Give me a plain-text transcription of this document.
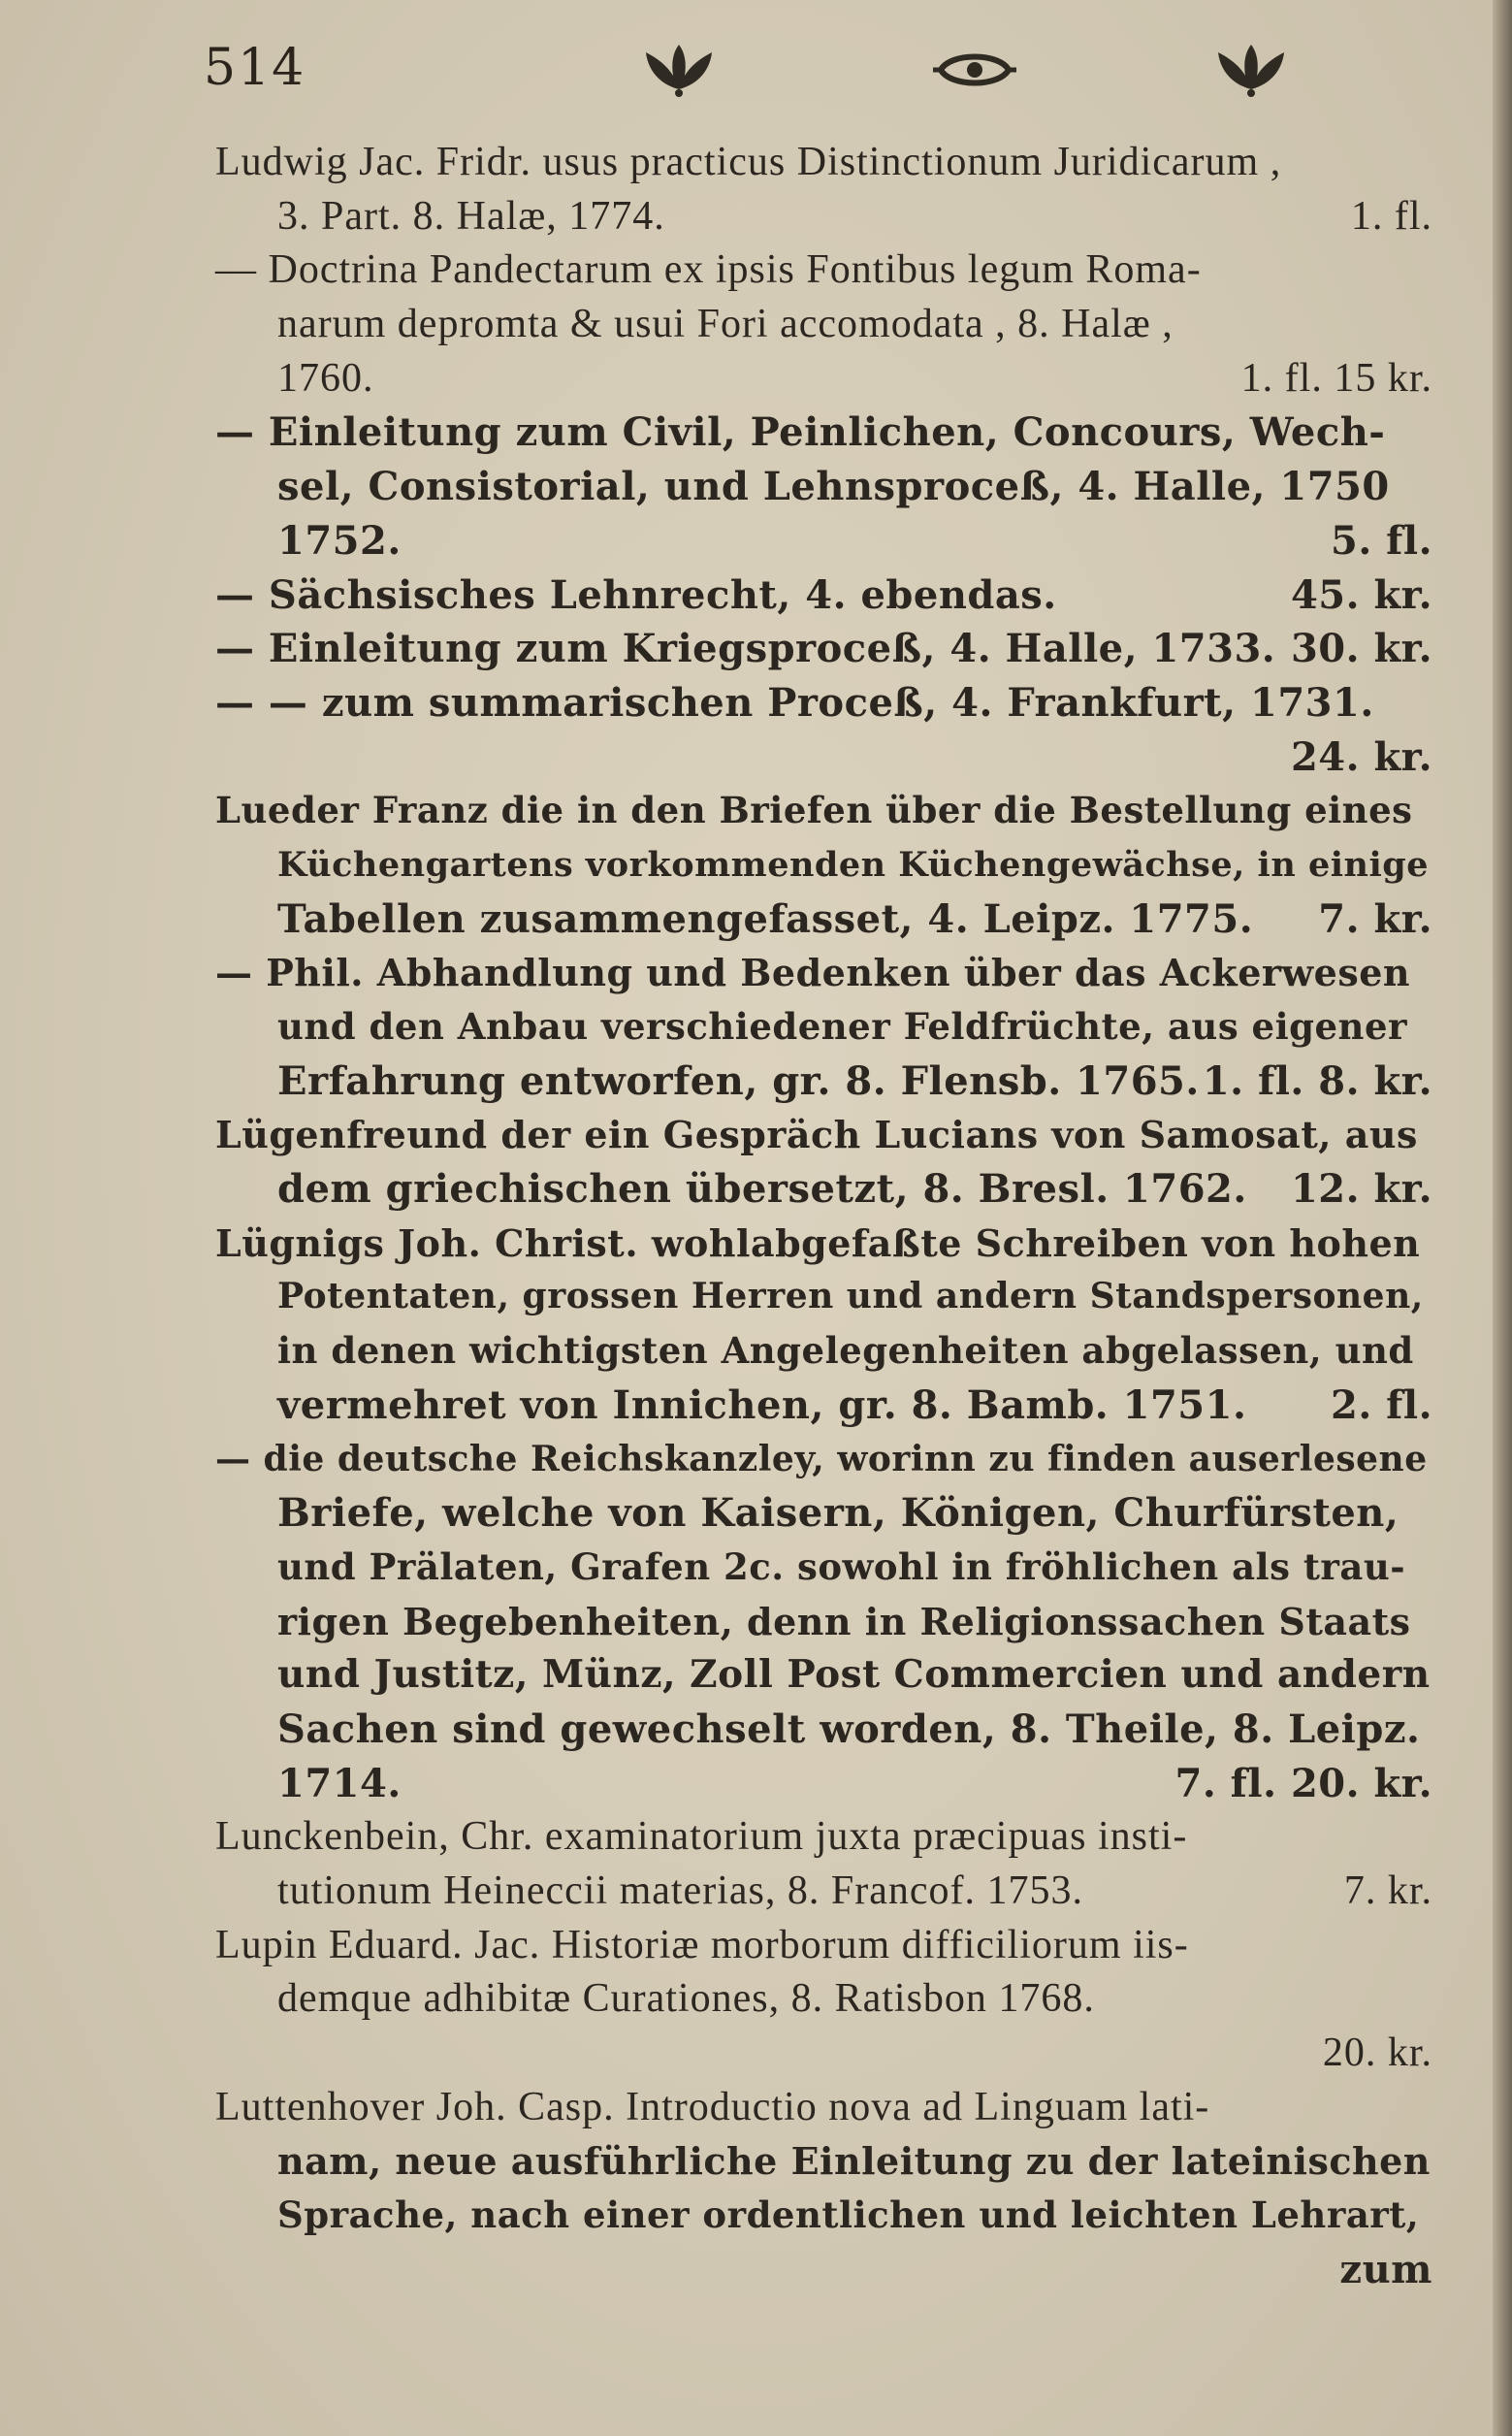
514
Ludwig Jac. Fridr. usus practicus Distinctionum Juridicarum ,
3. Part. 8. Halæ, 1774.	1. fl.
— Doctrina Pandectarum ex ipsis Fontibus legum Roma-
narum depromta & usui Fori accomodata , 8. Halæ ,
1760.	1. fl. 15 kr.
— Einleitung zum Civil, Peinlichen, Concours, Wech-
sel, Consistorial, und Lehnsproceß, 4. Halle, 1750
1752.	5. fl.
— Sächsisches Lehnrecht, 4. ebendas.	45. kr.
— Einleitung zum Kriegsproceß, 4. Halle, 1733. 30. kr.
— — zum summarischen Proceß, 4. Frankfurt, 1731.
24. kr.
Lueder Franz die in den Briefen über die Bestellung eines
Küchengartens vorkommenden Küchengewächse, in einige
Tabellen zusammengefasset, 4. Leipz. 1775. 7. kr.
— Phil. Abhandlung und Bedenken über das Ackerwesen
und den Anbau verschiedener Feldfrüchte, aus eigener
Erfahrung entworfen, gr. 8. Flensb. 1765. 1. fl. 8. kr.
Lügenfreund der ein Gespräch Lucians von Samosat, aus
dem griechischen übersetzt, 8. Bresl. 1762. 12. kr.
Lügnigs Joh. Christ. wohlabgefaßte Schreiben von hohen
Potentaten, grossen Herren und andern Standspersonen,
in denen wichtigsten Angelegenheiten abgelassen, und
vermehret von Innichen, gr. 8. Bamb. 1751. 2. fl.
— die deutsche Reichskanzley, worinn zu finden auserlesene
Briefe, welche von Kaisern, Königen, Churfürsten,
und Prälaten, Grafen 2c. sowohl in fröhlichen als trau-
rigen Begebenheiten, denn in Religionssachen Staats
und Justitz, Münz, Zoll Post Commercien und andern
Sachen sind gewechselt worden, 8. Theile, 8. Leipz.
1714.	7. fl. 20. kr.
Lunckenbein, Chr. examinatorium juxta præcipuas insti-
tutionum Heineccii materias, 8. Francof. 1753.	7. kr.
Lupin Eduard. Jac. Historiæ morborum difficiliorum iis-
demque adhibitæ Curationes, 8. Ratisbon 1768.
20. kr.
Luttenhover Joh. Casp. Introductio nova ad Linguam lati-
nam, neue ausführliche Einleitung zu der lateinischen
Sprache, nach einer ordentlichen und leichten Lehrart,
zum
